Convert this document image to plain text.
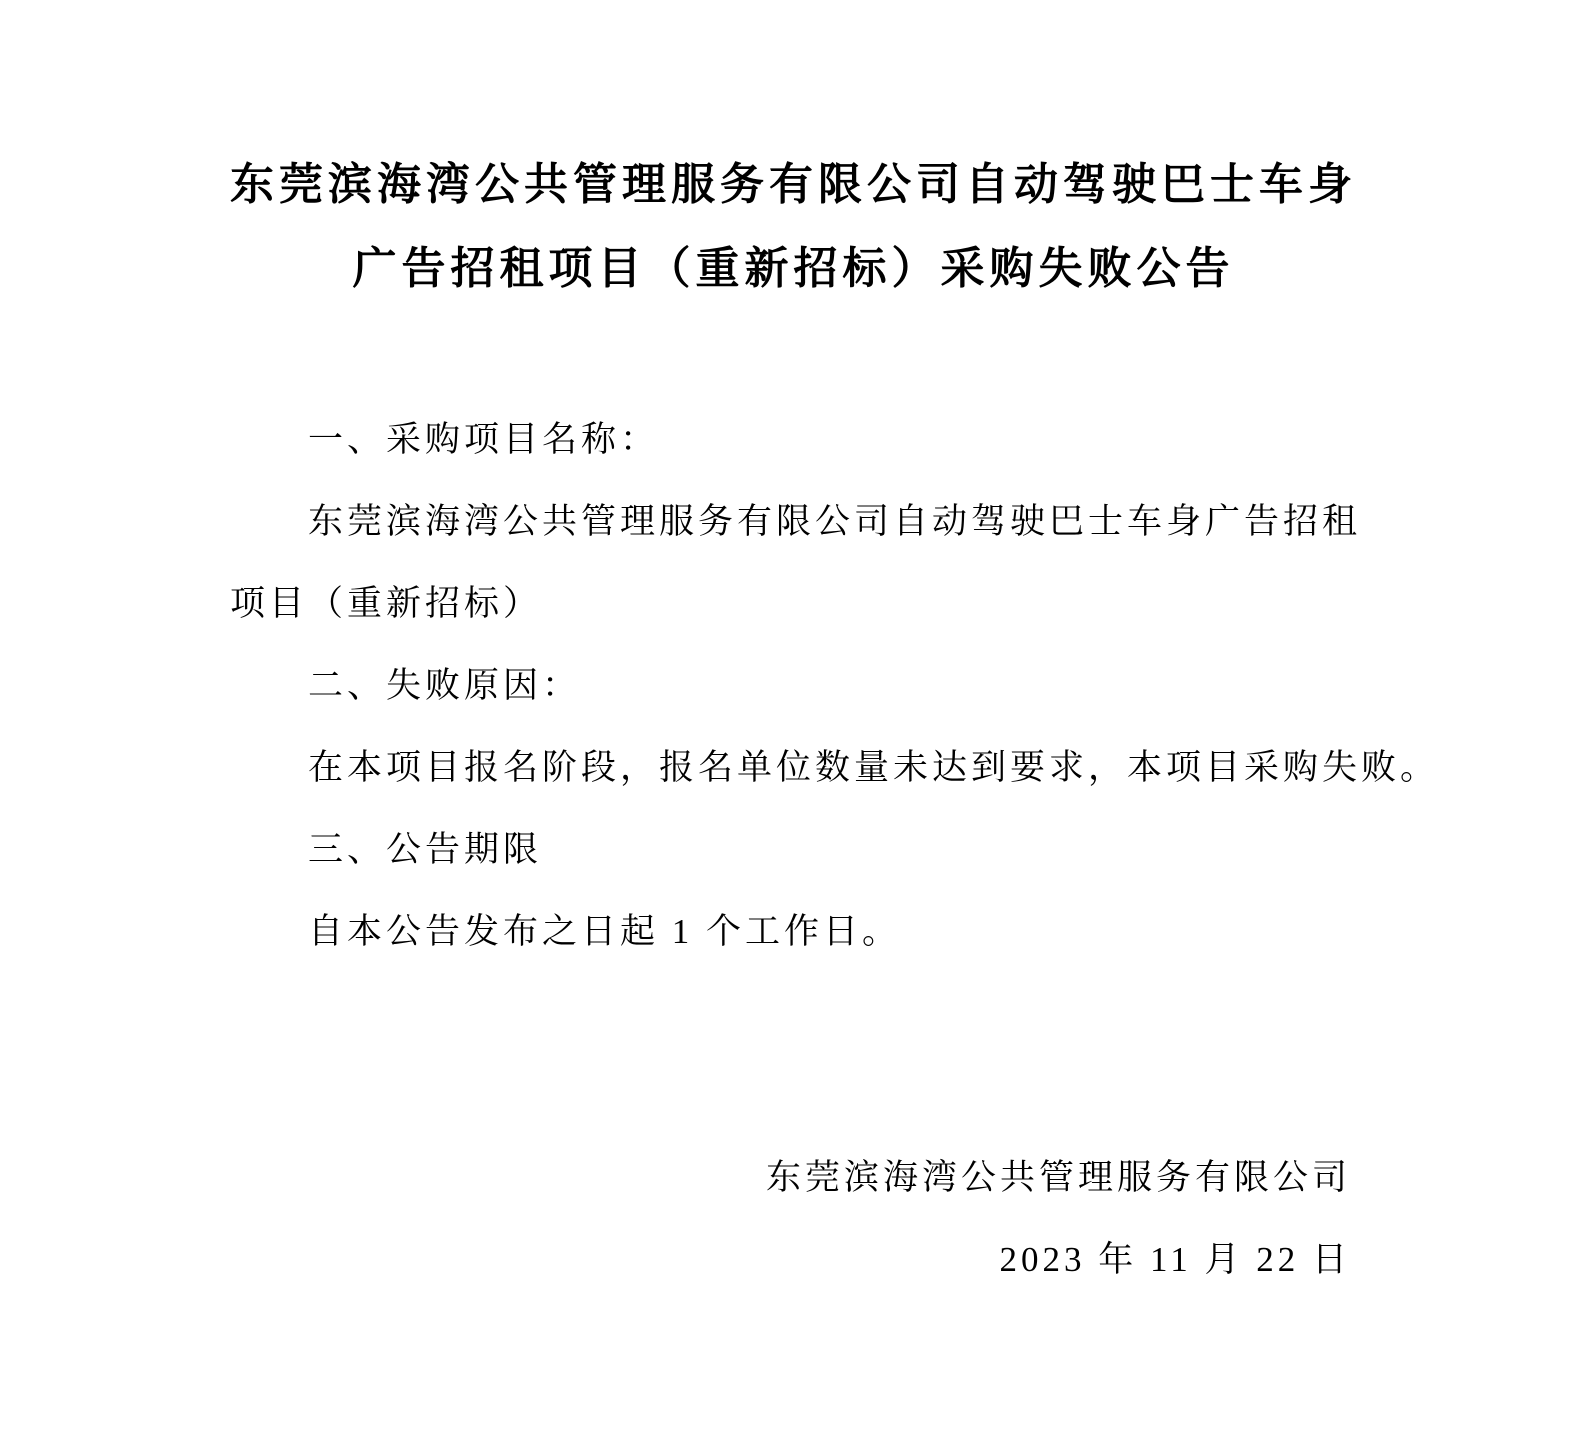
东莞滨海湾公共管理服务有限公司自动驾驶巴士车身
广告招租项目（重新招标）采购失败公告
一、采购项目名称：
东莞滨海湾公共管理服务有限公司自动驾驶巴士车身广告招租
项目（重新招标）
二、失败原因：
在本项目报名阶段，报名单位数量未达到要求，本项目采购失败。
三、公告期限
自本公告发布之日起 1 个工作日。
东莞滨海湾公共管理服务有限公司
2023 年 11 月 22 日
